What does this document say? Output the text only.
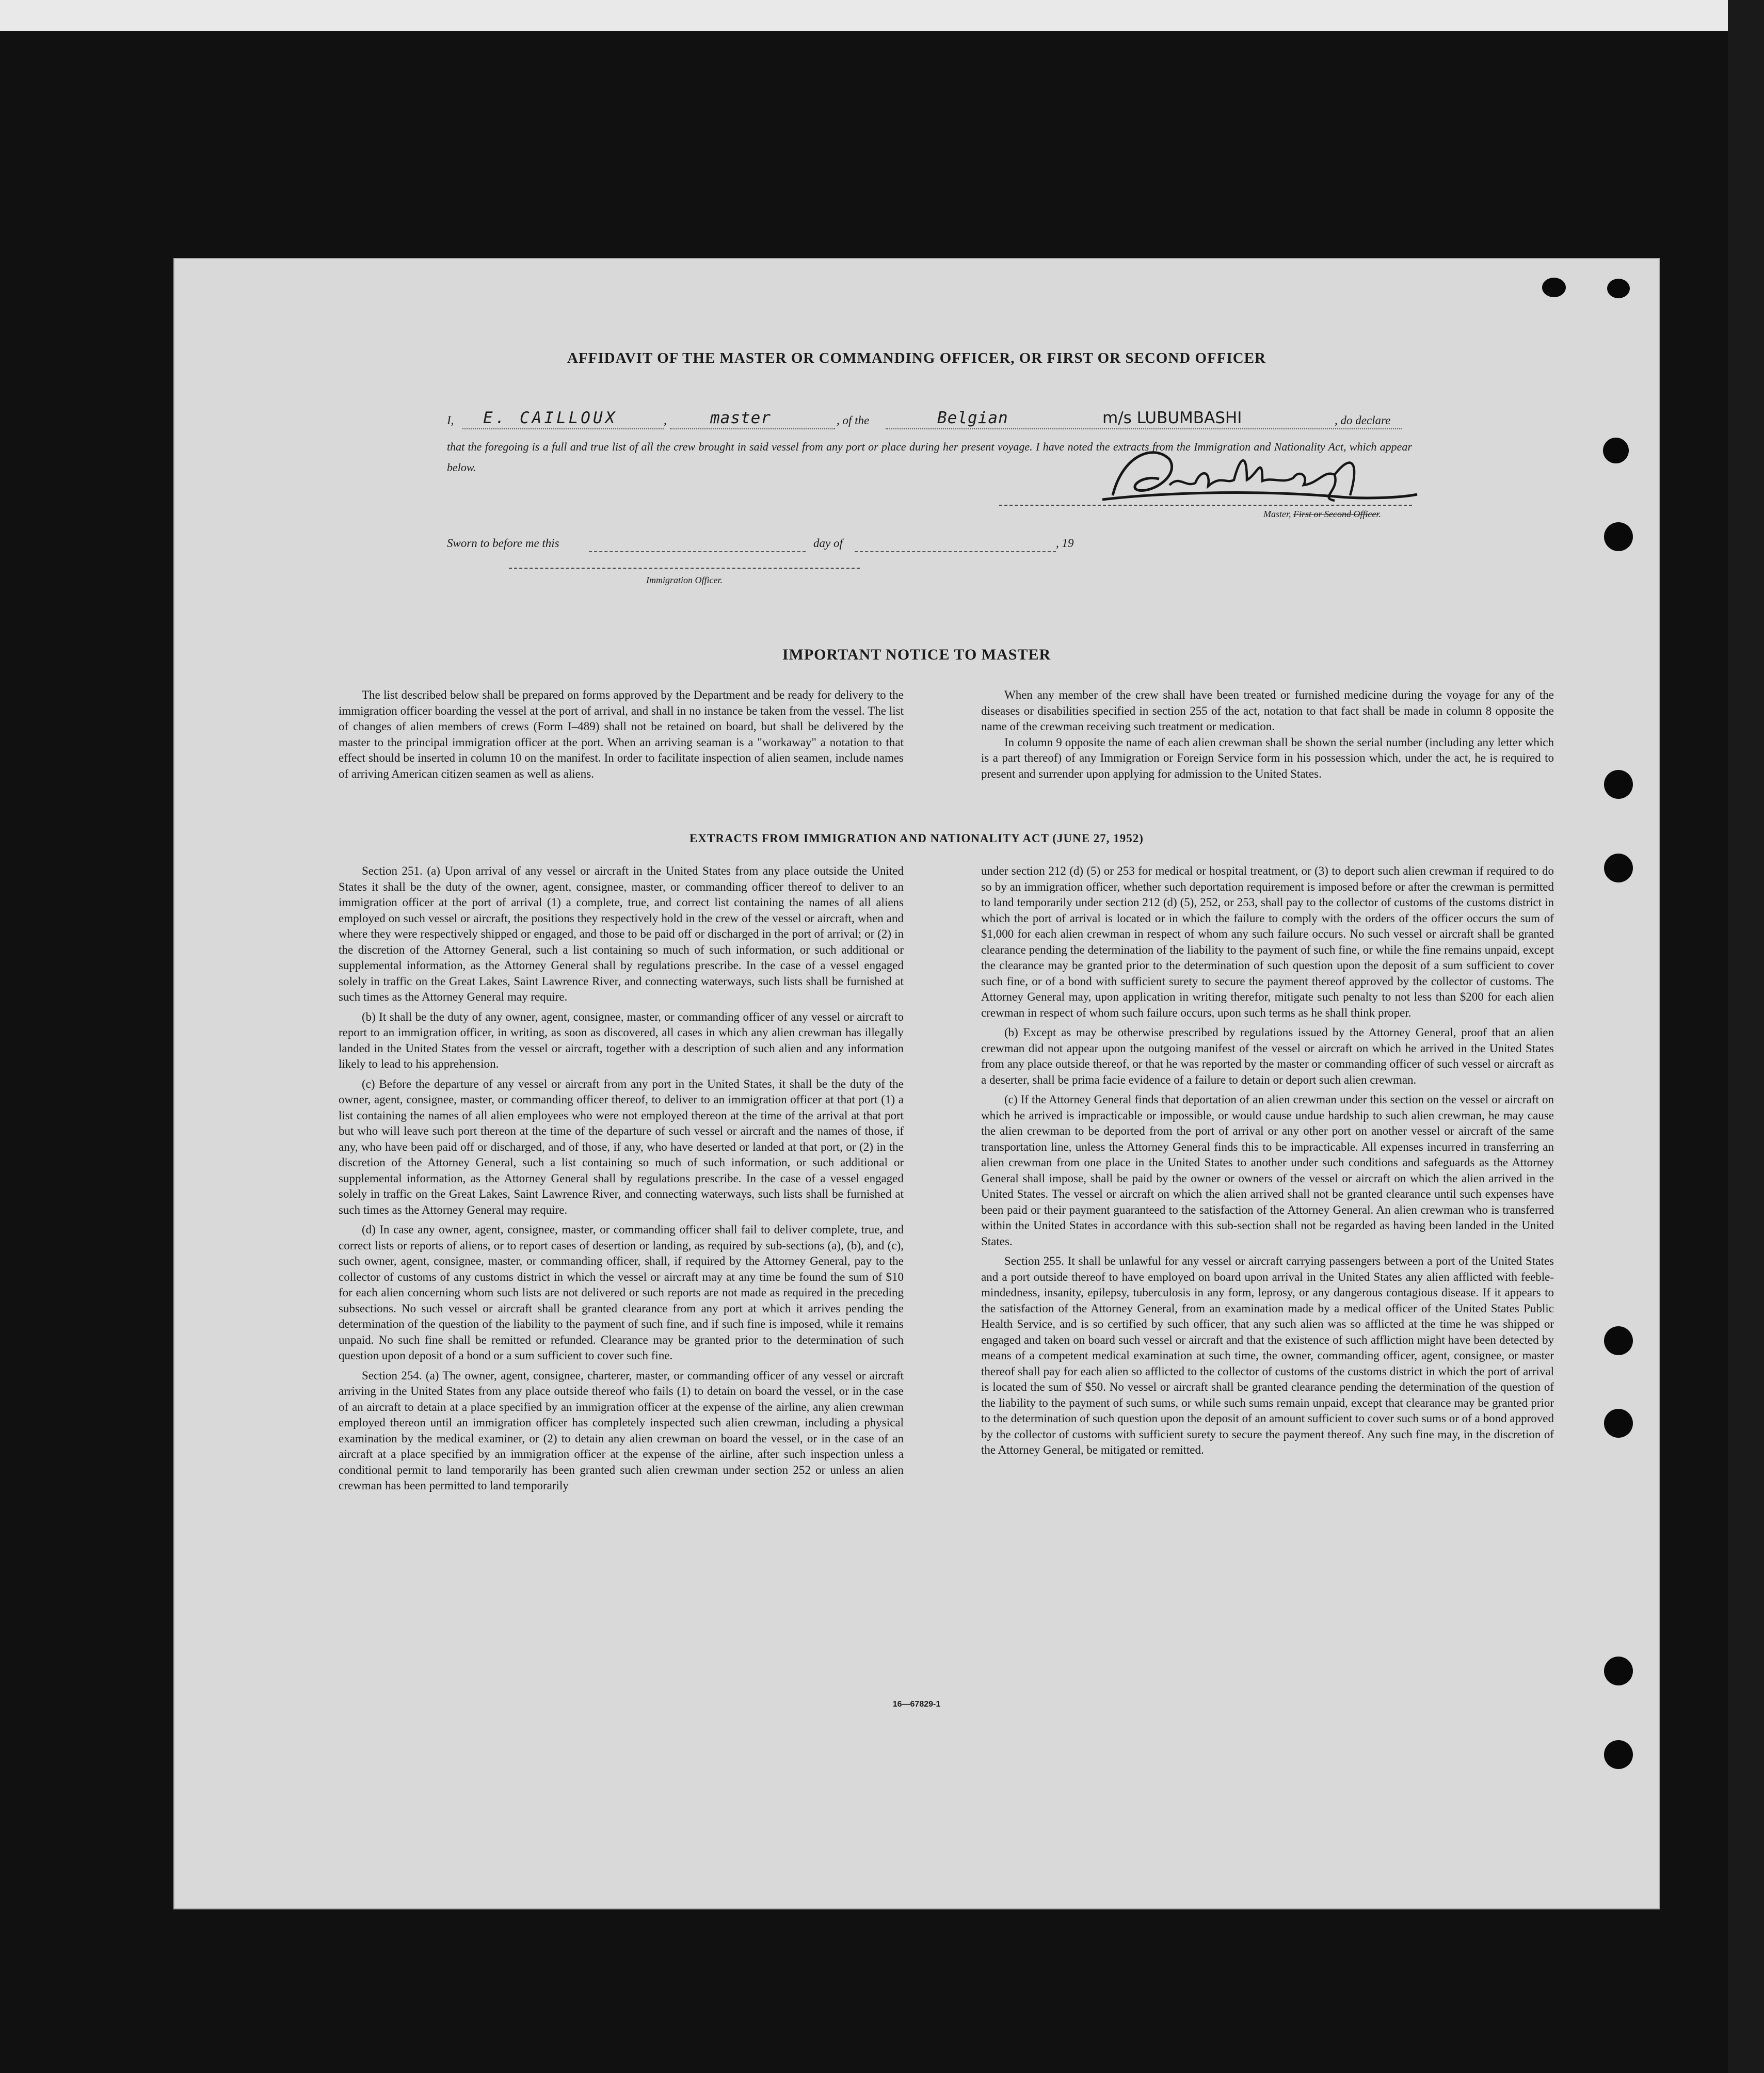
AFFIDAVIT OF THE MASTER OR COMMANDING OFFICER, OR FIRST OR SECOND OFFICER
I, E. CAILLOUX	,	master	, of the	Belgian	m/s LUBUMBASHI	, do declare
that the foregoing is a full and true list of all the crew brought in said vessel from any port or place during her present voyage. I have noted the extracts from the Immigration and Nationality Act, which appear below.
Master, First or Second Officer.
Sworn to before me this	day of	, 19
Immigration Officer.
IMPORTANT NOTICE TO MASTER

The list described below shall be prepared on forms approved by the Department and be ready for delivery to the immigration officer boarding the vessel at the port of arrival, and shall in no instance be taken from the vessel. The list of changes of alien members of crews (Form I–489) shall not be retained on board, but shall be delivered by the master to the principal immigration officer at the port. When an arriving seaman is a "workaway" a notation to that effect should be inserted in column 10 on the manifest. In order to facilitate inspection of alien seamen, include names of arriving American citizen seamen as well as aliens.

When any member of the crew shall have been treated or furnished medicine during the voyage for any of the diseases or disabilities specified in section 255 of the act, notation to that fact shall be made in column 8 opposite the name of the crewman receiving such treatment or medication.

In column 9 opposite the name of each alien crewman shall be shown the serial number (including any letter which is a part thereof) of any Immigration or Foreign Service form in his possession which, under the act, he is required to present and surrender upon applying for admission to the United States.

EXTRACTS FROM IMMIGRATION AND NATIONALITY ACT (JUNE 27, 1952)

Section 251. (a) Upon arrival of any vessel or aircraft in the United States from any place outside the United States it shall be the duty of the owner, agent, consignee, master, or commanding officer thereof to deliver to an immigration officer at the port of arrival (1) a complete, true, and correct list containing the names of all aliens employed on such vessel or aircraft, the positions they respectively hold in the crew of the vessel or aircraft, when and where they were respectively shipped or engaged, and those to be paid off or discharged in the port of arrival; or (2) in the discretion of the Attorney General, such a list containing so much of such information, or such additional or supplemental information, as the Attorney General shall by regulations prescribe. In the case of a vessel engaged solely in traffic on the Great Lakes, Saint Lawrence River, and connecting waterways, such lists shall be furnished at such times as the Attorney General may require.

(b) It shall be the duty of any owner, agent, consignee, master, or commanding officer of any vessel or aircraft to report to an immigration officer, in writing, as soon as discovered, all cases in which any alien crewman has illegally landed in the United States from the vessel or aircraft, together with a description of such alien and any information likely to lead to his apprehension.

(c) Before the departure of any vessel or aircraft from any port in the United States, it shall be the duty of the owner, agent, consignee, master, or commanding officer thereof, to deliver to an immigration officer at that port (1) a list containing the names of all alien employees who were not employed thereon at the time of the arrival at that port but who will leave such port thereon at the time of the departure of such vessel or aircraft and the names of those, if any, who have been paid off or discharged, and of those, if any, who have deserted or landed at that port, or (2) in the discretion of the Attorney General, such a list containing so much of such information, or such additional or supplemental information, as the Attorney General shall by regulations prescribe. In the case of a vessel engaged solely in traffic on the Great Lakes, Saint Lawrence River, and connecting waterways, such lists shall be furnished at such times as the Attorney General may require.

(d) In case any owner, agent, consignee, master, or commanding officer shall fail to deliver complete, true, and correct lists or reports of aliens, or to report cases of desertion or landing, as required by sub-sections (a), (b), and (c), such owner, agent, consignee, master, or commanding officer, shall, if required by the Attorney General, pay to the collector of customs of any customs district in which the vessel or aircraft may at any time be found the sum of $10 for each alien concerning whom such lists are not delivered or such reports are not made as required in the preceding subsections. No such vessel or aircraft shall be granted clearance from any port at which it arrives pending the determination of the question of the liability to the payment of such fine, and if such fine is imposed, while it remains unpaid. No such fine shall be remitted or refunded. Clearance may be granted prior to the determination of such question upon deposit of a bond or a sum sufficient to cover such fine.

Section 254. (a) The owner, agent, consignee, charterer, master, or commanding officer of any vessel or aircraft arriving in the United States from any place outside thereof who fails (1) to detain on board the vessel, or in the case of an aircraft to detain at a place specified by an immigration officer at the expense of the airline, any alien crewman employed thereon until an immigration officer has completely inspected such alien crewman, including a physical examination by the medical examiner, or (2) to detain any alien crewman on board the vessel, or in the case of an aircraft at a place specified by an immigration officer at the expense of the airline, after such inspection unless a conditional permit to land temporarily has been granted such alien crewman under section 252 or unless an alien crewman has been permitted to land temporarily

under section 212 (d) (5) or 253 for medical or hospital treatment, or (3) to deport such alien crewman if required to do so by an immigration officer, whether such deportation requirement is imposed before or after the crewman is permitted to land temporarily under section 212 (d) (5), 252, or 253, shall pay to the collector of customs of the customs district in which the port of arrival is located or in which the failure to comply with the orders of the officer occurs the sum of $1,000 for each alien crewman in respect of whom any such failure occurs. No such vessel or aircraft shall be granted clearance pending the determination of the liability to the payment of such fine, or while the fine remains unpaid, except the clearance may be granted prior to the determination of such question upon the deposit of a sum sufficient to cover such fine, or of a bond with sufficient surety to secure the payment thereof approved by the collector of customs. The Attorney General may, upon application in writing therefor, mitigate such penalty to not less than $200 for each alien crewman in respect of whom such failure occurs, upon such terms as he shall think proper.

(b) Except as may be otherwise prescribed by regulations issued by the Attorney General, proof that an alien crewman did not appear upon the outgoing manifest of the vessel or aircraft on which he arrived in the United States from any place outside thereof, or that he was reported by the master or commanding officer of such vessel or aircraft as a deserter, shall be prima facie evidence of a failure to detain or deport such alien crewman.

(c) If the Attorney General finds that deportation of an alien crewman under this section on the vessel or aircraft on which he arrived is impracticable or impossible, or would cause undue hardship to such alien crewman, he may cause the alien crewman to be deported from the port of arrival or any other port on another vessel or aircraft of the same transportation line, unless the Attorney General finds this to be impracticable. All expenses incurred in transferring an alien crewman from one place in the United States to another under such conditions and safeguards as the Attorney General shall impose, shall be paid by the owner or owners of the vessel or aircraft on which the alien arrived in the United States. The vessel or aircraft on which the alien arrived shall not be granted clearance until such expenses have been paid or their payment guaranteed to the satisfaction of the Attorney General. An alien crewman who is transferred within the United States in accordance with this sub-section shall not be regarded as having been landed in the United States.

Section 255. It shall be unlawful for any vessel or aircraft carrying passengers between a port of the United States and a port outside thereof to have employed on board upon arrival in the United States any alien afflicted with feeble-mindedness, insanity, epilepsy, tuberculosis in any form, leprosy, or any dangerous contagious disease. If it appears to the satisfaction of the Attorney General, from an examination made by a medical officer of the United States Public Health Service, and is so certified by such officer, that any such alien was so afflicted at the time he was shipped or engaged and taken on board such vessel or aircraft and that the existence of such affliction might have been detected by means of a competent medical examination at such time, the owner, commanding officer, agent, consignee, or master thereof shall pay for each alien so afflicted to the collector of customs of the customs district in which the port of arrival is located the sum of $50. No vessel or aircraft shall be granted clearance pending the determination of the question of the liability to the payment of such sums, or while such sums remain unpaid, except that clearance may be granted prior to the determination of such question upon the deposit of an amount sufficient to cover such sums or of a bond approved by the collector of customs with sufficient surety to secure the payment thereof. Any such fine may, in the discretion of the Attorney General, be mitigated or remitted.

16—67829-1
